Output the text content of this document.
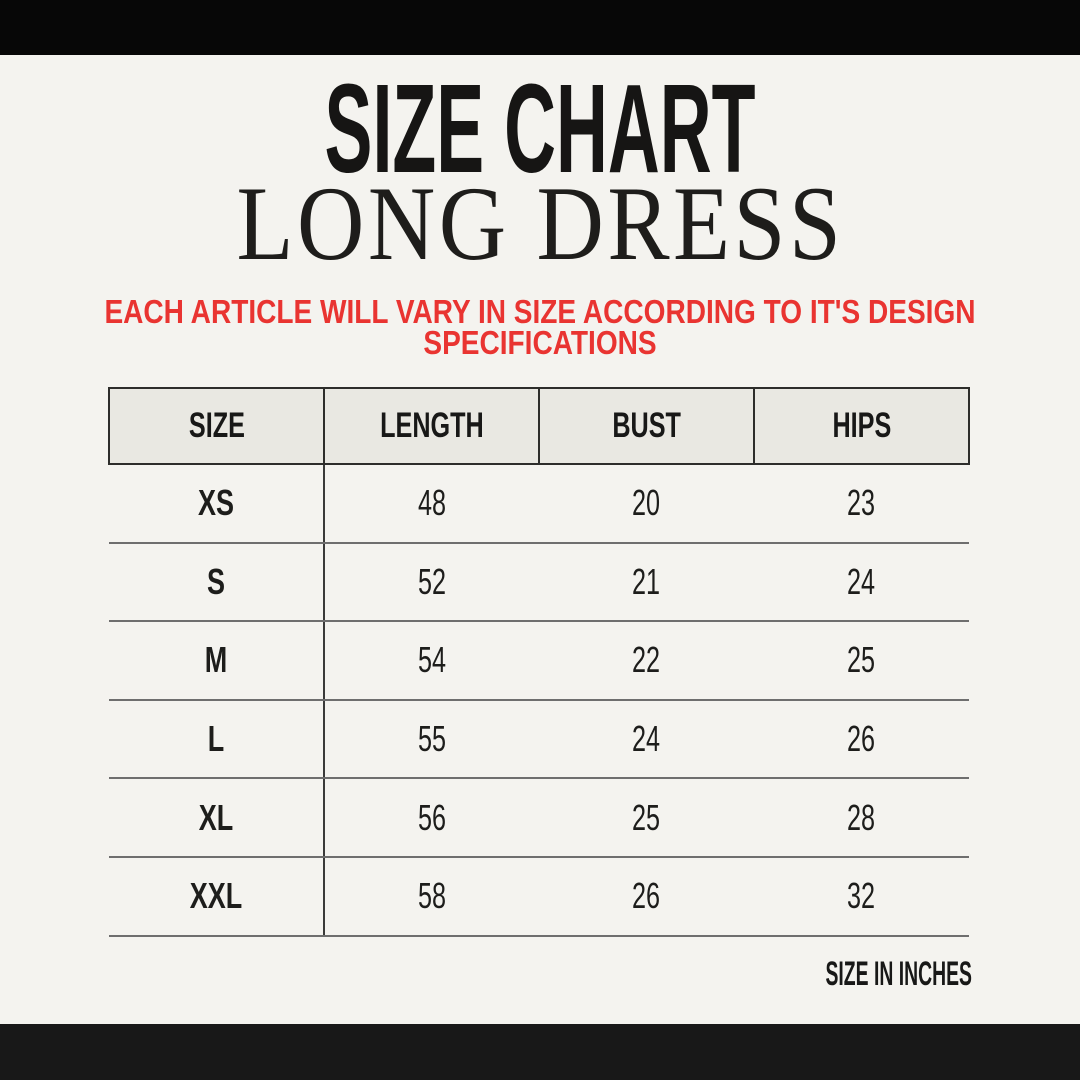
SIZE CHART
LONG DRESS
EACH ARTICLE WILL VARY IN SIZE ACCORDING TO IT'S DESIGN SPECIFICATIONS
SIZE	LENGTH	BUST	HIPS
XS	48	20	23
S	52	21	24
M	54	22	25
L	55	24	26
XL	56	25	28
XXL	58	26	32
SIZE IN INCHES
